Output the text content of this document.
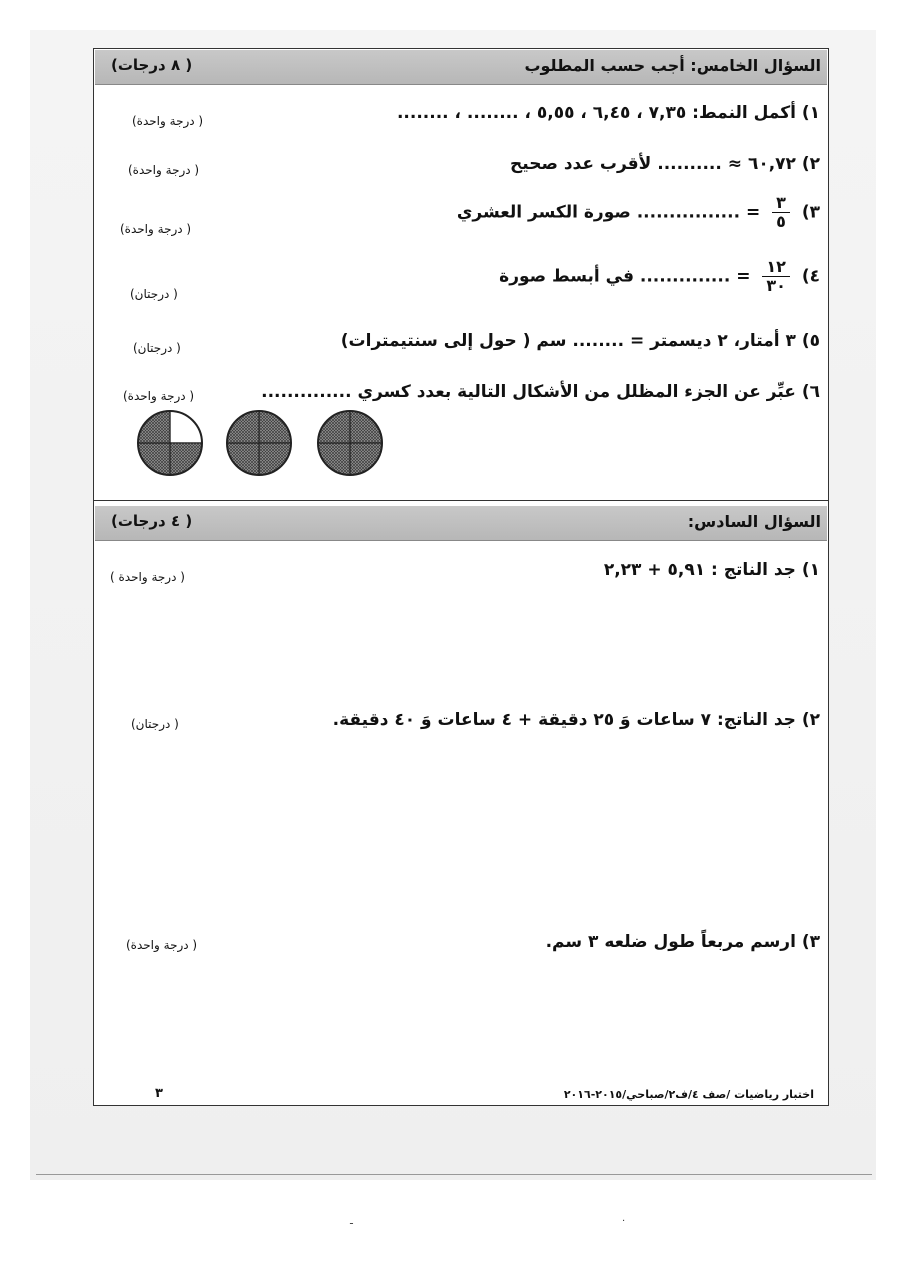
السؤال الخامس: أجب حسب المطلوب
( ٨ درجات)
١) أكمل النمط: ٧,٣٥ ، ٦,٤٥ ، ٥,٥٥ ، ........ ، ........
( درجة واحدة)
٢) ٦٠,٧٢ ≈ .......... لأقرب عدد صحيح
( درجة واحدة)
٣)
$\frac{٣}{٥}$
= ................ صورة الكسر العشري
( درجة واحدة)
٤)
$\frac{١٢}{٣٠}$
= .............. في أبسط صورة
( درجتان)
٥) ٣ أمتار، ٢ ديسمتر = ........ سم ( حول إلى سنتيمترات)
( درجتان)
٦) عبِّر عن الجزء المظلل من الأشكال التالية بعدد كسري ..............
( درجة واحدة)
السؤال السادس:
( ٤ درجات)
١) جد الناتج : ٥,٩١ + ٢,٢٣
( درجة واحدة )
٢) جد الناتج: ٧ ساعات وَ ٢٥ دقيقة + ٤ ساعات وَ ٤٠ دقيقة.
( درجتان)
٣) ارسم مربعاً طول ضلعه ٣ سم.
( درجة واحدة)
اختبار رياضيات /صف ٤/ف٢/صباحي/٢٠١٥-٢٠١٦
٣
ـ	·
